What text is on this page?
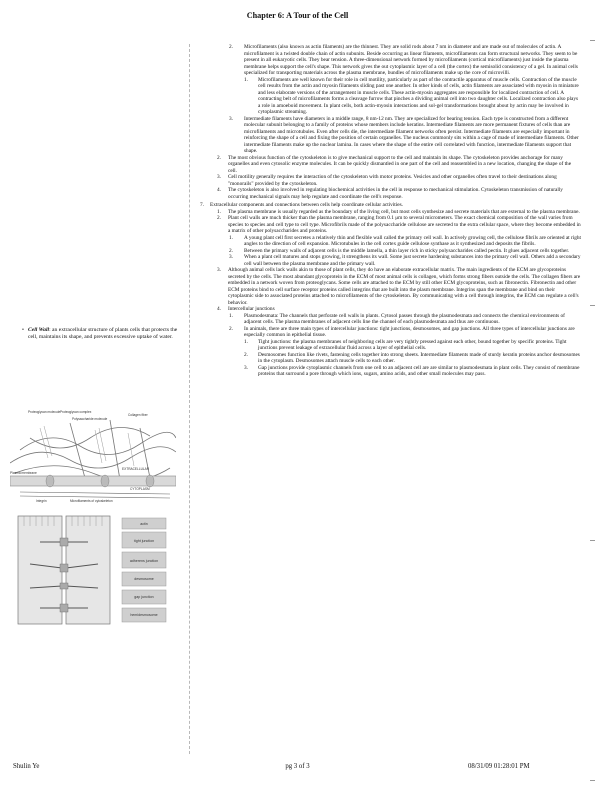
Chapter 6: A Tour of the Cell
• Cell Wall: an extracellular structure of plants cells that protects the cell, maintains its shape, and prevents excessive uptake of water.
Proteoglycan molecule Proteoglycan complex
Polysaccharide molecule
Collagen fiber
Plasma membrane
EXTRACELLULAR
Integrin	Microfilaments of cytoskeleton
CYTOPLASM
actin
tight junction
adherens junction
desmosome
gap junction
hemidesmosome
2. Microfilaments (also known as actin filaments) are the thinnest. They are solid rods about 7 nm in diameter and are made out of molecules of actin. A microfilament is a twisted double chain of actin subunits. Beside occurring as linear filaments, microfilaments can form structural networks. They seem to be present in all eukaryotic cells. They bear tension. A three-dimensional network formed by microfilaments (cortical microfilaments) just inside the plasma membrane helps support the cell's shape. This network gives the out cytoplasmic layer of a cell (the cortex) the semisolid consistency of a gel. In animal cells specialized for transporting materials across the plasma membrane, bundles of microfilaments make up the core of microvilli.
1. Microfilaments are well known for their role in cell motility, particularly as part of the contractile apparatus of muscle cells. Contraction of the muscle cell results from the actin and myosin filaments sliding past one another. In other kinds of cells, actin filaments are associated with myosin in miniature and less elaborate versions of the arrangement in muscle cells. These actin-myosin aggregates are responsible for localized contraction of cell. A contracting belt of microfilaments forms a cleavage furrow that pinches a dividing animal cell into two daughter cells. Localized contraction also plays a role in amoeboid movement. In plant cells, both actin-myosin interactions and sol-gel transformations brought about by actin may be involved in cytoplasmic streaming.
3. Intermediate filaments have diameters in a middle range, 8 nm-12 nm. They are specialized for bearing tension. Each type is constructed from a different molecular subunit belonging to a family of proteins whose members include keratins. Intermediate filaments are more permanent fixtures of cells than are microfilaments and microtubules. Even after cells die, the intermediate filament networks often persist. Intermediate filaments are especially important in reinforcing the shape of a cell and fixing the position of certain organelles. The nucleus commonly sits within a cage of made of intermediate filaments. Other intermediate filaments make up the nuclear lamina. In cases where the shape of the entire cell correlated with function, intermediate filaments support that shape.
2. The most obvious function of the cytoskeleton is to give mechanical support to the cell and maintain its shape. The cytoskeleton provides anchorage for many organelles and even cytosolic enzyme molecules. It can be quickly dismantled in one part of the cell and reassembled in a new location, changing the shape of the cell.
3. Cell motility generally requires the interaction of the cytoskeleton with motor proteins. Vesicles and other organelles often travel to their destinations along "monorails" provided by the cytoskeleton.
4. The cytoskeleton is also involved in regulating biochemical activities in the cell in response to mechanical stimulation. Cytoskeleton transmission of naturally occurring mechanical signals may help regulate and coordinate the cell's response.
7. Extracellular components and connections between cells help coordinate cellular activities.
1. The plasma membrane is usually regarded as the boundary of the living cell, but most cells synthesize and secrete materials that are external to the plasma membrane.
2. Plant cell walls are much thicker than the plasma membrane, ranging from 0.1 μm to several micrometers. The exact chemical composition of the wall varies from species to species and cell type to cell type. Microfibrils made of the polysaccharide cellulose are secreted to the extra cellular space, where they become embedded in a matrix of other polysaccharides and proteins.
1. A young plant cell first secretes a relatively thin and flexible wall called the primary cell wall. In actively growing cell, the cellulose fibrils are oriented at right angles to the direction of cell expansion. Microtubules in the cell cortex guide cellulose synthase as it synthesized and deposits the fibrils.
2. Between the primary walls of adjacent cells is the middle lamella, a thin layer rich in sticky polysaccharides called pectin. It glues adjacent cells together.
3. When a plant cell matures and stops growing, it strengthens its wall. Some just secrete hardening substances into the primary cell wall. Others add a secondary cell wall between the plasma membrane and the primary wall.
3. Although animal cells lack walls akin to those of plant cells, they do have an elaborate extracellular matrix. The main ingredients of the ECM are glycoproteins secreted by the cells. The most abundant glycoprotein in the ECM of most animal cells is collagen, which forms strong fibers outside the cells. The collagen fibers are embedded in a network woven from proteoglycans. Some cells are attached to the ECM by still other ECM glycoproteins, such as fibronectin. Fibronectin and other ECM proteins bind to cell surface receptor proteins called integrins that are built into the plasm membrane. Integrins span the membrane and bind on their cytoplasmic side to associated proteins attached to microfilaments of the cytoskeleton. By communicating with a cell through integrins, the ECM can regulate a cell's behavior.
4. Intercellular junctions
1. Plasmodesmata: The channels that perforate cell walls in plants. Cytosol passes through the plasmodesmata and connects the chemical environments of adjacent cells. The plasma membranes of adjacent cells line the channel of each plasmodesmata and thus are continuous.
2. In animals, there are three main types of intercellular junctions: tight junctions, desmosomes, and gap junctions. All three types of intercellular junctions are especially common in epithelial tissue.
1. Tight junctions: the plasma membranes of neighboring cells are very tightly pressed against each other, bound together by specific proteins. Tight junctions prevent leakage of extracellular fluid across a layer of epithelial cells.
2. Desmosomes function like rivets, fastening cells together into strong sheets. Intermediate filaments made of sturdy keratin proteins anchor desmosomes in the cytoplasm. Desmosomes attach muscle cells to each other.
3. Gap junctions provide cytoplasmic channels from one cell to an adjacent cell are are similar to plasmodesmata in plant cells. They consist of membrane proteins that surround a pore through which ions, sugars, amino acids, and other small molecules may pass.
Shulin Ye	pg 3 of 3	08/31/09 01:28:01 PM
